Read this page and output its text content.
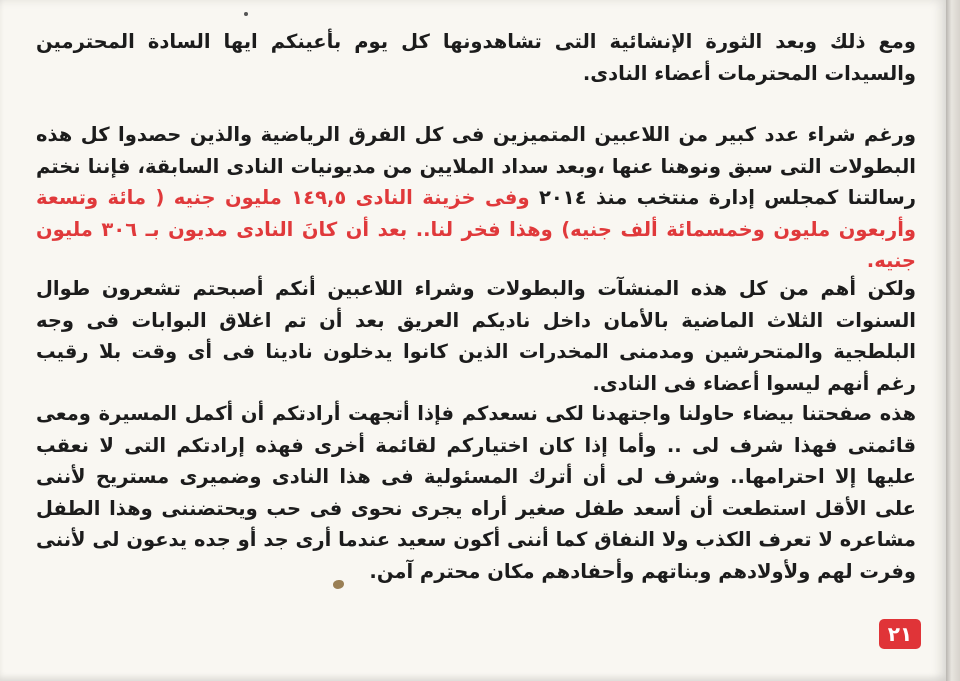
ومع ذلك وبعد الثورة الإنشائية التى تشاهدونها كل يوم بأعينكم ايها السادة المحترمين والسيدات المحترمات أعضاء النادى.
ورغم شراء عدد كبير من اللاعبين المتميزين فى كل الفرق الرياضية والذين حصدوا كل هذه البطولات التى سبق ونوهنا عنها ،وبعد سداد الملايين من مديونيات النادى السابقة، فإننا نختم رسالتنا كمجلس إدارة منتخب منذ ٢٠١٤ وفى خزينة النادى ١٤٩,٥ مليون جنيه ( مائة وتسعة وأربعون مليون وخمسمائة ألف جنيه) وهذا فخر لنا.. بعد أن كانَ النادى مديون بـ ٣٠٦ مليون جنيه.
ولكن أهم من كل هذه المنشآت والبطولات وشراء اللاعبين أنكم أصبحتم تشعرون طوال السنوات الثلاث الماضية بالأمان داخل ناديكم العريق بعد أن تم اغلاق البوابات فى وجه البلطجية والمتحرشين ومدمنى المخدرات الذين كانوا يدخلون نادينا فى أى وقت بلا رقيب رغم أنهم ليسوا أعضاء فى النادى.
هذه صفحتنا بيضاء حاولنا واجتهدنا لكى نسعدكم فإذا أتجهت أرادتكم أن أكمل المسيرة ومعى قائمتى فهذا شرف لى .. وأما إذا كان اختياركم لقائمة أخرى فهذه إرادتكم التى لا نعقب عليها إلا احترامها.. وشرف لى أن أترك المسئولية فى هذا النادى وضميرى مستريح لأننى على الأقل استطعت أن أسعد طفل صغير أراه يجرى نحوى فى حب ويحتضننى وهذا الطفل مشاعره لا تعرف الكذب ولا النفاق كما أننى أكون سعيد عندما أرى جد أو جده يدعون لى لأننى وفرت لهم ولأولادهم وبناتهم وأحفادهم مكان محترم آمن.
٢١
